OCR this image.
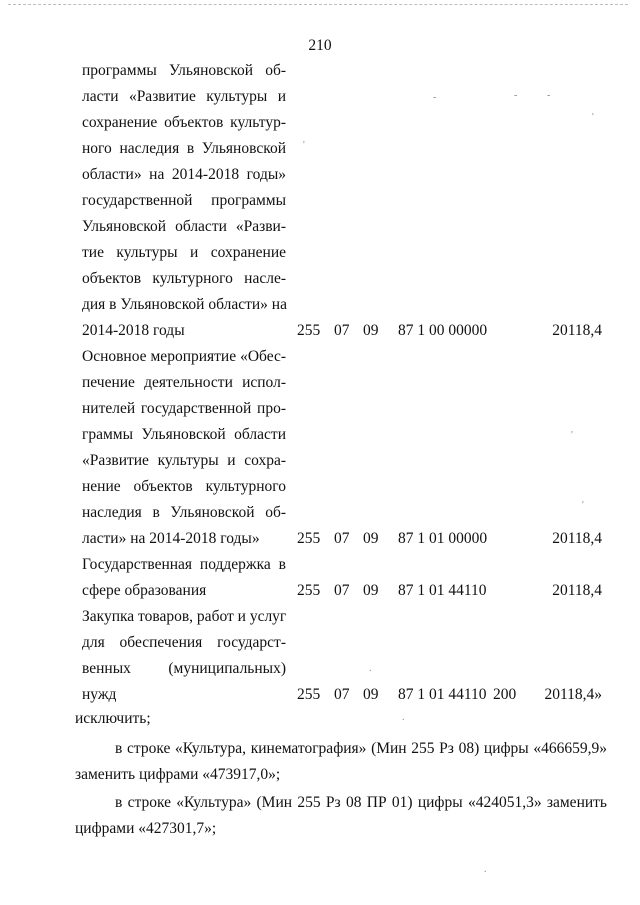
210
программы Ульяновской об-
ласти «Развитие культуры и
сохранение объектов культур-
ного наследия в Ульяновской
области» на 2014-2018 годы»
государственной программы
Ульяновской области «Разви-
тие культуры и сохранение
объектов культурного насле-
дия в Ульяновской области» на
2014-2018 годы	255 07 09 87 1 00 00000	20118,4
Основное мероприятие «Обес-
печение деятельности испол-
нителей государственной про-
граммы Ульяновской области
«Развитие культуры и сохра-
нение объектов культурного
наследия в Ульяновской об-
ласти» на 2014-2018 годы»	255 07 09 87 1 01 00000	20118,4
Государственная поддержка в
сфере образования	255 07 09 87 1 01 44110	20118,4
Закупка товаров, работ и услуг
для обеспечения государст-
венных (муниципальных)
нужд	255 07 09 87 1 01 44110 200	20118,4»
исключить;
в строке «Культура, кинематография» (Мин 255 Рз 08) цифры «466659,9»
заменить цифрами «473917,0»;
в строке «Культура» (Мин 255 Рз 08 ПР 01) цифры «424051,3» заменить
цифрами «427301,7»;
-	-	-
'
'
'
'
.
.
.
